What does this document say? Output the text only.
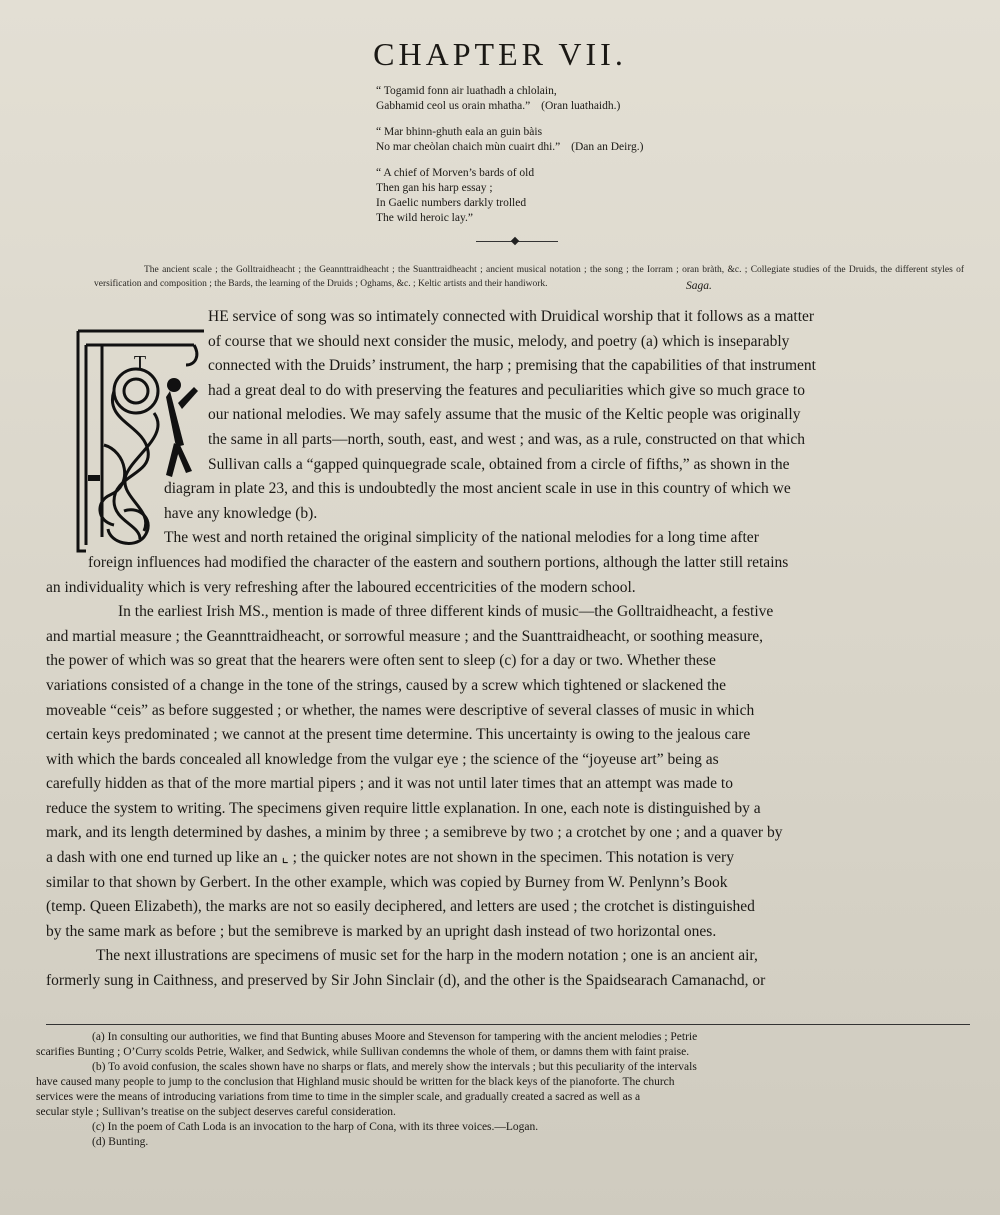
CHAPTER VII.
“ Togamid fonn air luathadh a chlolain,
Gabhamid ceol us orain mhatha.” (Oran luathaidh.)
“ Mar bhinn-ghuth eala an guin bàis
No mar cheòlan chaich mùn cuairt dhi.” (Dan an Deirg.)
“ A chief of Morven’s bards of old
Then gan his harp essay ;
In Gaelic numbers darkly trolled
The wild heroic lay.”
Saga.
The ancient scale ; the Golltraidheacht ; the Geannttraidheacht ; the Suanttraidheacht ; ancient musical notation ; the song ; the Iorram ; oran bràth, &c. ; Collegiate studies of the Druids, the different styles of versification and composition ; the Bards, the learning of the Druids ; Oghams, &c. ; Keltic artists and their handiwork.
T
HE service of song was so intimately connected with Druidical worship that it follows as a matter
of course that we should next consider the music, melody, and poetry (a) which is inseparably
connected with the Druids’ instrument, the harp ; premising that the capabilities of that instrument
had a great deal to do with preserving the features and peculiarities which give so much grace to
our national melodies. We may safely assume that the music of the Keltic people was originally
the same in all parts—north, south, east, and west ; and was, as a rule, constructed on that which
Sullivan calls a “gapped quinquegrade scale, obtained from a circle of fifths,” as shown in the
diagram in plate 23, and this is undoubtedly the most ancient scale in use in this country of which we
have any knowledge (b).
The west and north retained the original simplicity of the national melodies for a long time after
foreign influences had modified the character of the eastern and southern portions, although the latter still retains
an individuality which is very refreshing after the laboured eccentricities of the modern school.
In the earliest Irish MS., mention is made of three different kinds of music—the Golltraidheacht, a festive
and martial measure ; the Geannttraidheacht, or sorrowful measure ; and the Suanttraidheacht, or soothing measure,
the power of which was so great that the hearers were often sent to sleep (c) for a day or two. Whether these
variations consisted of a change in the tone of the strings, caused by a screw which tightened or slackened the
moveable “ceis” as before suggested ; or whether, the names were descriptive of several classes of music in which
certain keys predominated ; we cannot at the present time determine. This uncertainty is owing to the jealous care
with which the bards concealed all knowledge from the vulgar eye ; the science of the “joyeuse art” being as
carefully hidden as that of the more martial pipers ; and it was not until later times that an attempt was made to
reduce the system to writing. The specimens given require little explanation. In one, each note is distinguished by a
mark, and its length determined by dashes, a minim by three ; a semibreve by two ; a crotchet by one ; and a quaver by
a dash with one end turned up like an ⌞ ; the quicker notes are not shown in the specimen. This notation is very
similar to that shown by Gerbert. In the other example, which was copied by Burney from W. Penlynn’s Book
(temp. Queen Elizabeth), the marks are not so easily deciphered, and letters are used ; the crotchet is distinguished
by the same mark as before ; but the semibreve is marked by an upright dash instead of two horizontal ones.
The next illustrations are specimens of music set for the harp in the modern notation ; one is an ancient air,
formerly sung in Caithness, and preserved by Sir John Sinclair (d), and the other is the Spaidsearach Camanachd, or
(a) In consulting our authorities, we find that Bunting abuses Moore and Stevenson for tampering with the ancient melodies ; Petrie
scarifies Bunting ; O’Curry scolds Petrie, Walker, and Sedwick, while Sullivan condemns the whole of them, or damns them with faint praise.
(b) To avoid confusion, the scales shown have no sharps or flats, and merely show the intervals ; but this peculiarity of the intervals
have caused many people to jump to the conclusion that Highland music should be written for the black keys of the pianoforte. The church
services were the means of introducing variations from time to time in the simpler scale, and gradually created a sacred as well as a
secular style ; Sullivan’s treatise on the subject deserves careful consideration.
(c) In the poem of Cath Loda is an invocation to the harp of Cona, with its three voices.—Logan.
(d) Bunting.
